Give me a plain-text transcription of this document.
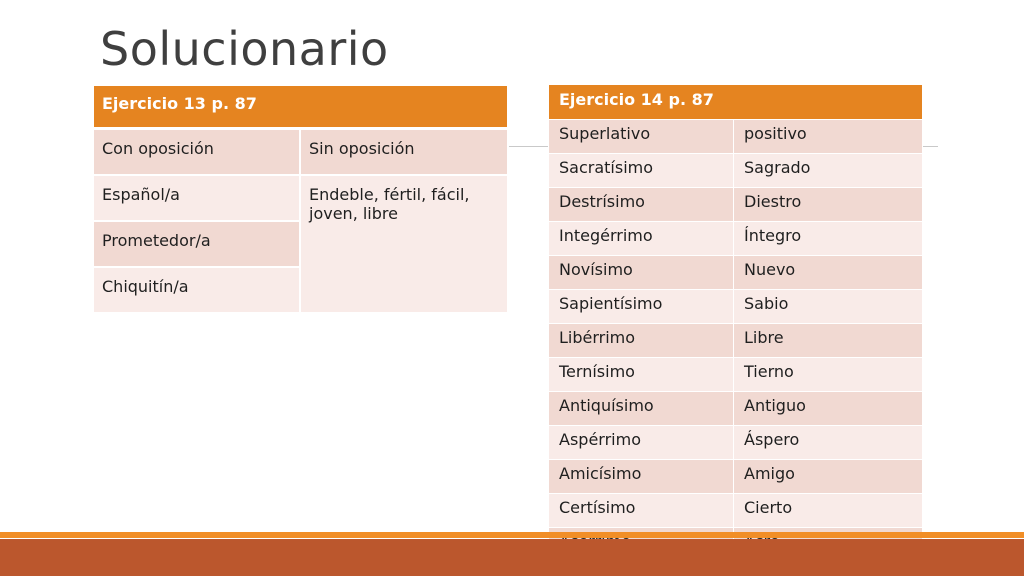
Solucionario
Ejercicio 13 p. 87	
Con oposición	Sin oposición
Español/a	Endeble, fértil, fácil, joven, libre
Prometedor/a	
Chiquitín/a	
Ejercicio 14 p. 87	
Superlativo	positivo
Sacratísimo	Sagrado
Destrísimo	Diestro
Integérrimo	Íntegro
Novísimo	Nuevo
Sapientísimo	Sabio
Libérrimo	Libre
Ternísimo	Tierno
Antiquísimo	Antiguo
Aspérrimo	Áspero
Amicísimo	Amigo
Certísimo	Cierto
